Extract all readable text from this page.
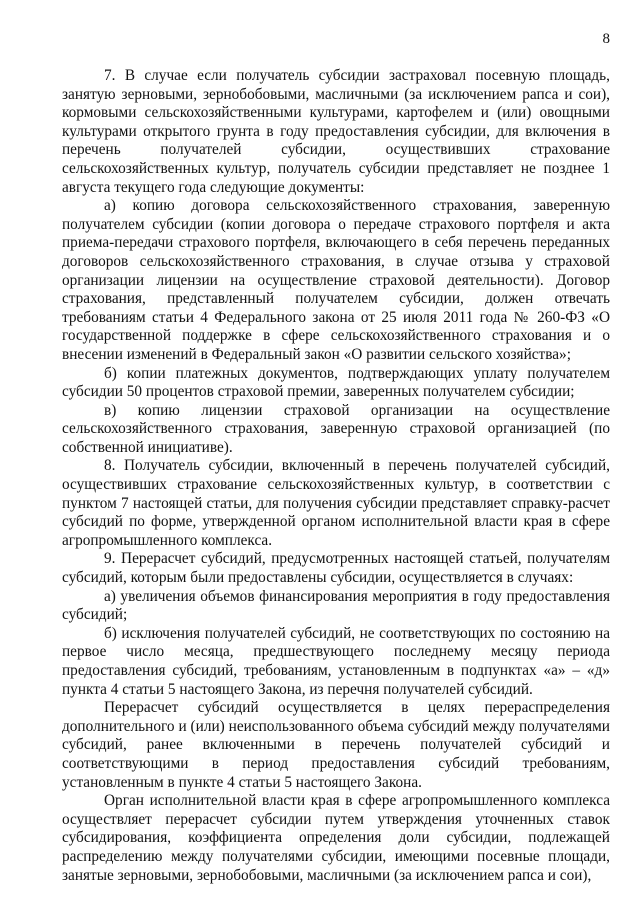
8

7. В случае если получатель субсидии застраховал посевную площадь, занятую зерновыми, зернобобовыми, масличными (за исключением рапса и сои), кормовыми сельскохозяйственными культурами, картофелем и (или) овощными культурами открытого грунта в году предоставления субсидии, для включения в перечень получателей субсидии, осуществивших страхование сельскохозяйственных культур, получатель субсидии представляет не позднее 1 августа текущего года следующие документы:

а) копию договора сельскохозяйственного страхования, заверенную получателем субсидии (копии договора о передаче страхового портфеля и акта приема-передачи страхового портфеля, включающего в себя перечень переданных договоров сельскохозяйственного страхования, в случае отзыва у страховой организации лицензии на осуществление страховой деятельности). Договор страхования, представленный получателем субсидии, должен отвечать требованиям статьи 4 Федерального закона от 25 июля 2011 года № 260-ФЗ «О государственной поддержке в сфере сельскохозяйственного страхования и о внесении изменений в Федеральный закон «О развитии сельского хозяйства»;

б) копии платежных документов, подтверждающих уплату получателем субсидии 50 процентов страховой премии, заверенных получателем субсидии;

в) копию лицензии страховой организации на осуществление сельскохозяйственного страхования, заверенную страховой организацией (по собственной инициативе).

8. Получатель субсидии, включенный в перечень получателей субсидий, осуществивших страхование сельскохозяйственных культур, в соответствии с пунктом 7 настоящей статьи, для получения субсидии представляет справку-расчет субсидий по форме, утвержденной органом исполнительной власти края в сфере агропромышленного комплекса.

9. Перерасчет субсидий, предусмотренных настоящей статьей, получателям субсидий, которым были предоставлены субсидии, осуществляется в случаях:

а) увеличения объемов финансирования мероприятия в году предоставления субсидий;

б) исключения получателей субсидий, не соответствующих по состоянию на первое число месяца, предшествующего последнему месяцу периода предоставления субсидий, требованиям, установленным в подпунктах «а» – «д» пункта 4 статьи 5 настоящего Закона, из перечня получателей субсидий.

Перерасчет субсидий осуществляется в целях перераспределения дополнительного и (или) неиспользованного объема субсидий между получателями субсидий, ранее включенными в перечень получателей субсидий и соответствующими в период предоставления субсидий требованиям, установленным в пункте 4 статьи 5 настоящего Закона.

Орган исполнительной власти края в сфере агропромышленного комплекса осуществляет перерасчет субсидии путем утверждения уточненных ставок субсидирования, коэффициента определения доли субсидии, подлежащей распределению между получателями субсидии, имеющими посевные площади, занятые зерновыми, зернобобовыми, масличными (за исключением рапса и сои),
